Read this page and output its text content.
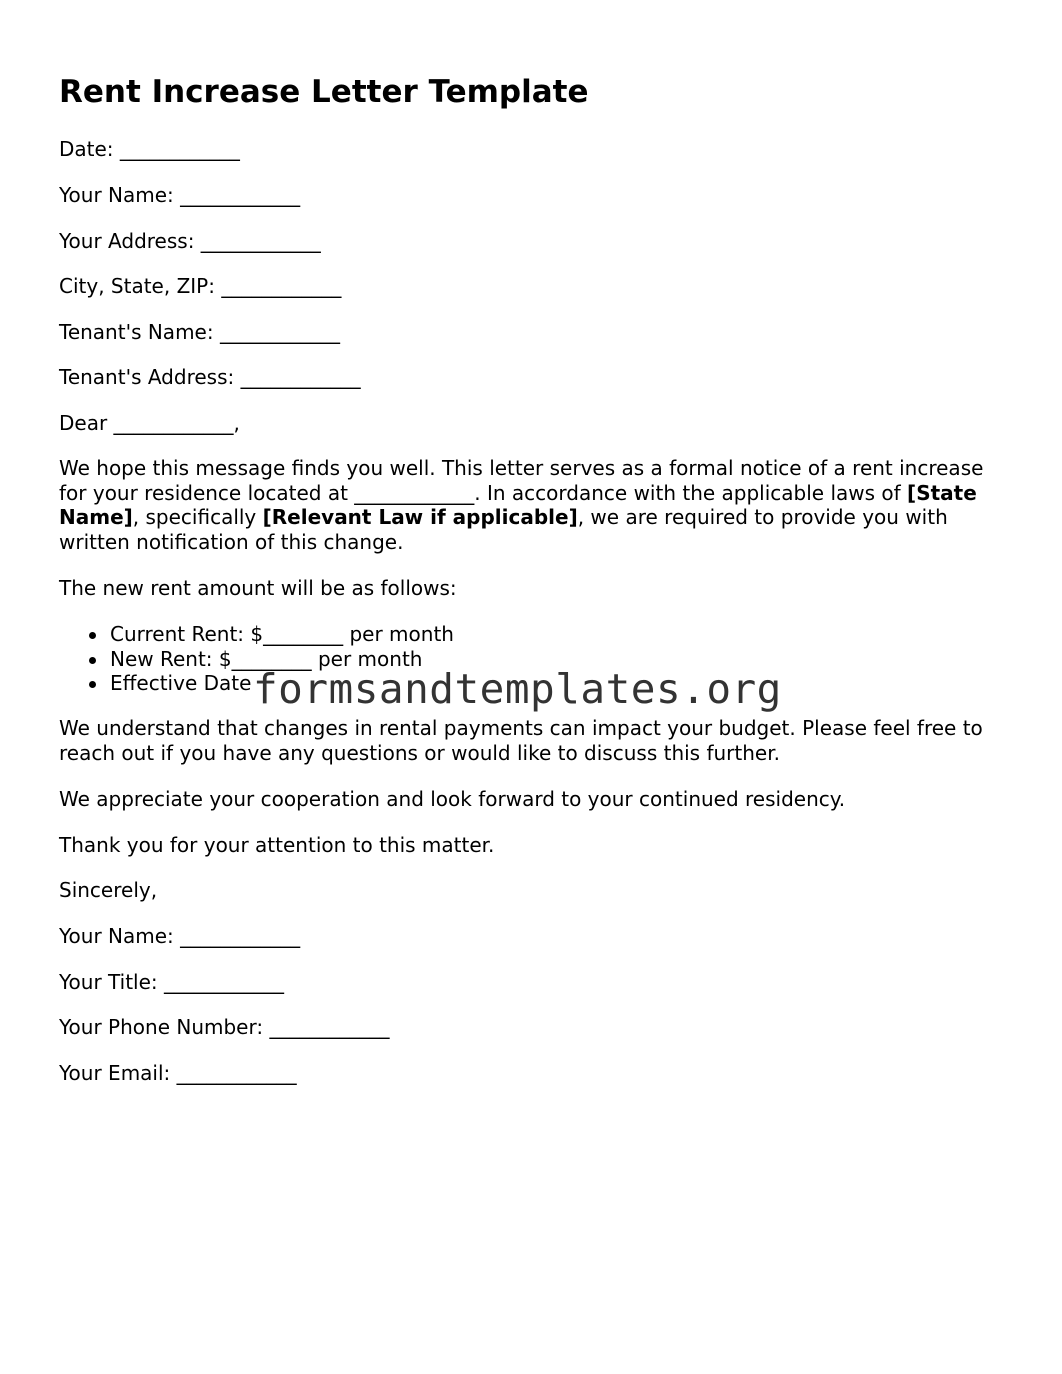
Rent Increase Letter Template
Date: ____________
Your Name: ____________
Your Address: ____________
City, State, ZIP: ____________
Tenant's Name: ____________
Tenant's Address: ____________
Dear ____________,
We hope this message finds you well. This letter serves as a formal notice of a rent increase for your residence located at ____________. In accordance with the applicable laws of [State Name], specifically [Relevant Law if applicable], we are required to provide you with written notification of this change.
The new rent amount will be as follows:
Current Rent: $________ per month
New Rent: $________ per month
Effective Date
We understand that changes in rental payments can impact your budget. Please feel free to reach out if you have any questions or would like to discuss this further.
We appreciate your cooperation and look forward to your continued residency.
Thank you for your attention to this matter.
Sincerely,
Your Name: ____________
Your Title: ____________
Your Phone Number: ____________
Your Email: ____________
formsandtemplates.org
